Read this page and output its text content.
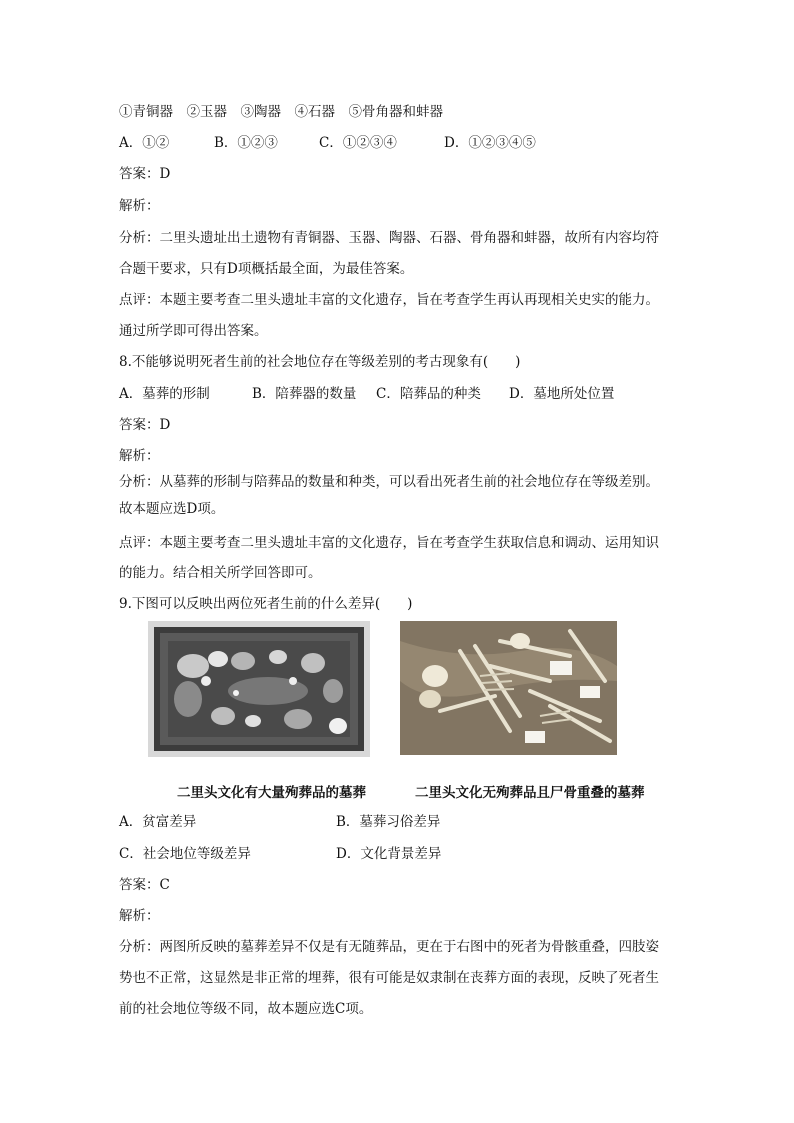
①青铜器　②玉器　③陶器　④石器　⑤骨角器和蚌器
A．①②	B．①②③	C．①②③④	D．①②③④⑤
答案：D
解析：
分析：二里头遗址出土遗物有青铜器、玉器、陶器、石器、骨角器和蚌器，故所有内容均符
合题干要求，只有D项概括最全面，为最佳答案。
点评：本题主要考查二里头遗址丰富的文化遗存，旨在考查学生再认再现相关史实的能力。
通过所学即可得出答案。
8.不能够说明死者生前的社会地位存在等级差别的考古现象有(　　)
A．墓葬的形制	B．陪葬器的数量 C．陪葬品的种类 D．墓地所处位置
答案：D
解析：
分析：从墓葬的形制与陪葬品的数量和种类，可以看出死者生前的社会地位存在等级差别。
故本题应选D项。
点评：本题主要考查二里头遗址丰富的文化遗存，旨在考查学生获取信息和调动、运用知识
的能力。结合相关所学回答即可。
9.下图可以反映出两位死者生前的什么差异(　　)
二里头文化有大量殉葬品的墓葬	二里头文化无殉葬品且尸骨重叠的墓葬
A．贫富差异	B．墓葬习俗差异
C．社会地位等级差异	D．文化背景差异
答案：C
解析：
分析：两图所反映的墓葬差异不仅是有无随葬品，更在于右图中的死者为骨骸重叠，四肢姿
势也不正常，这显然是非正常的埋葬，很有可能是奴隶制在丧葬方面的表现，反映了死者生
前的社会地位等级不同，故本题应选C项。
